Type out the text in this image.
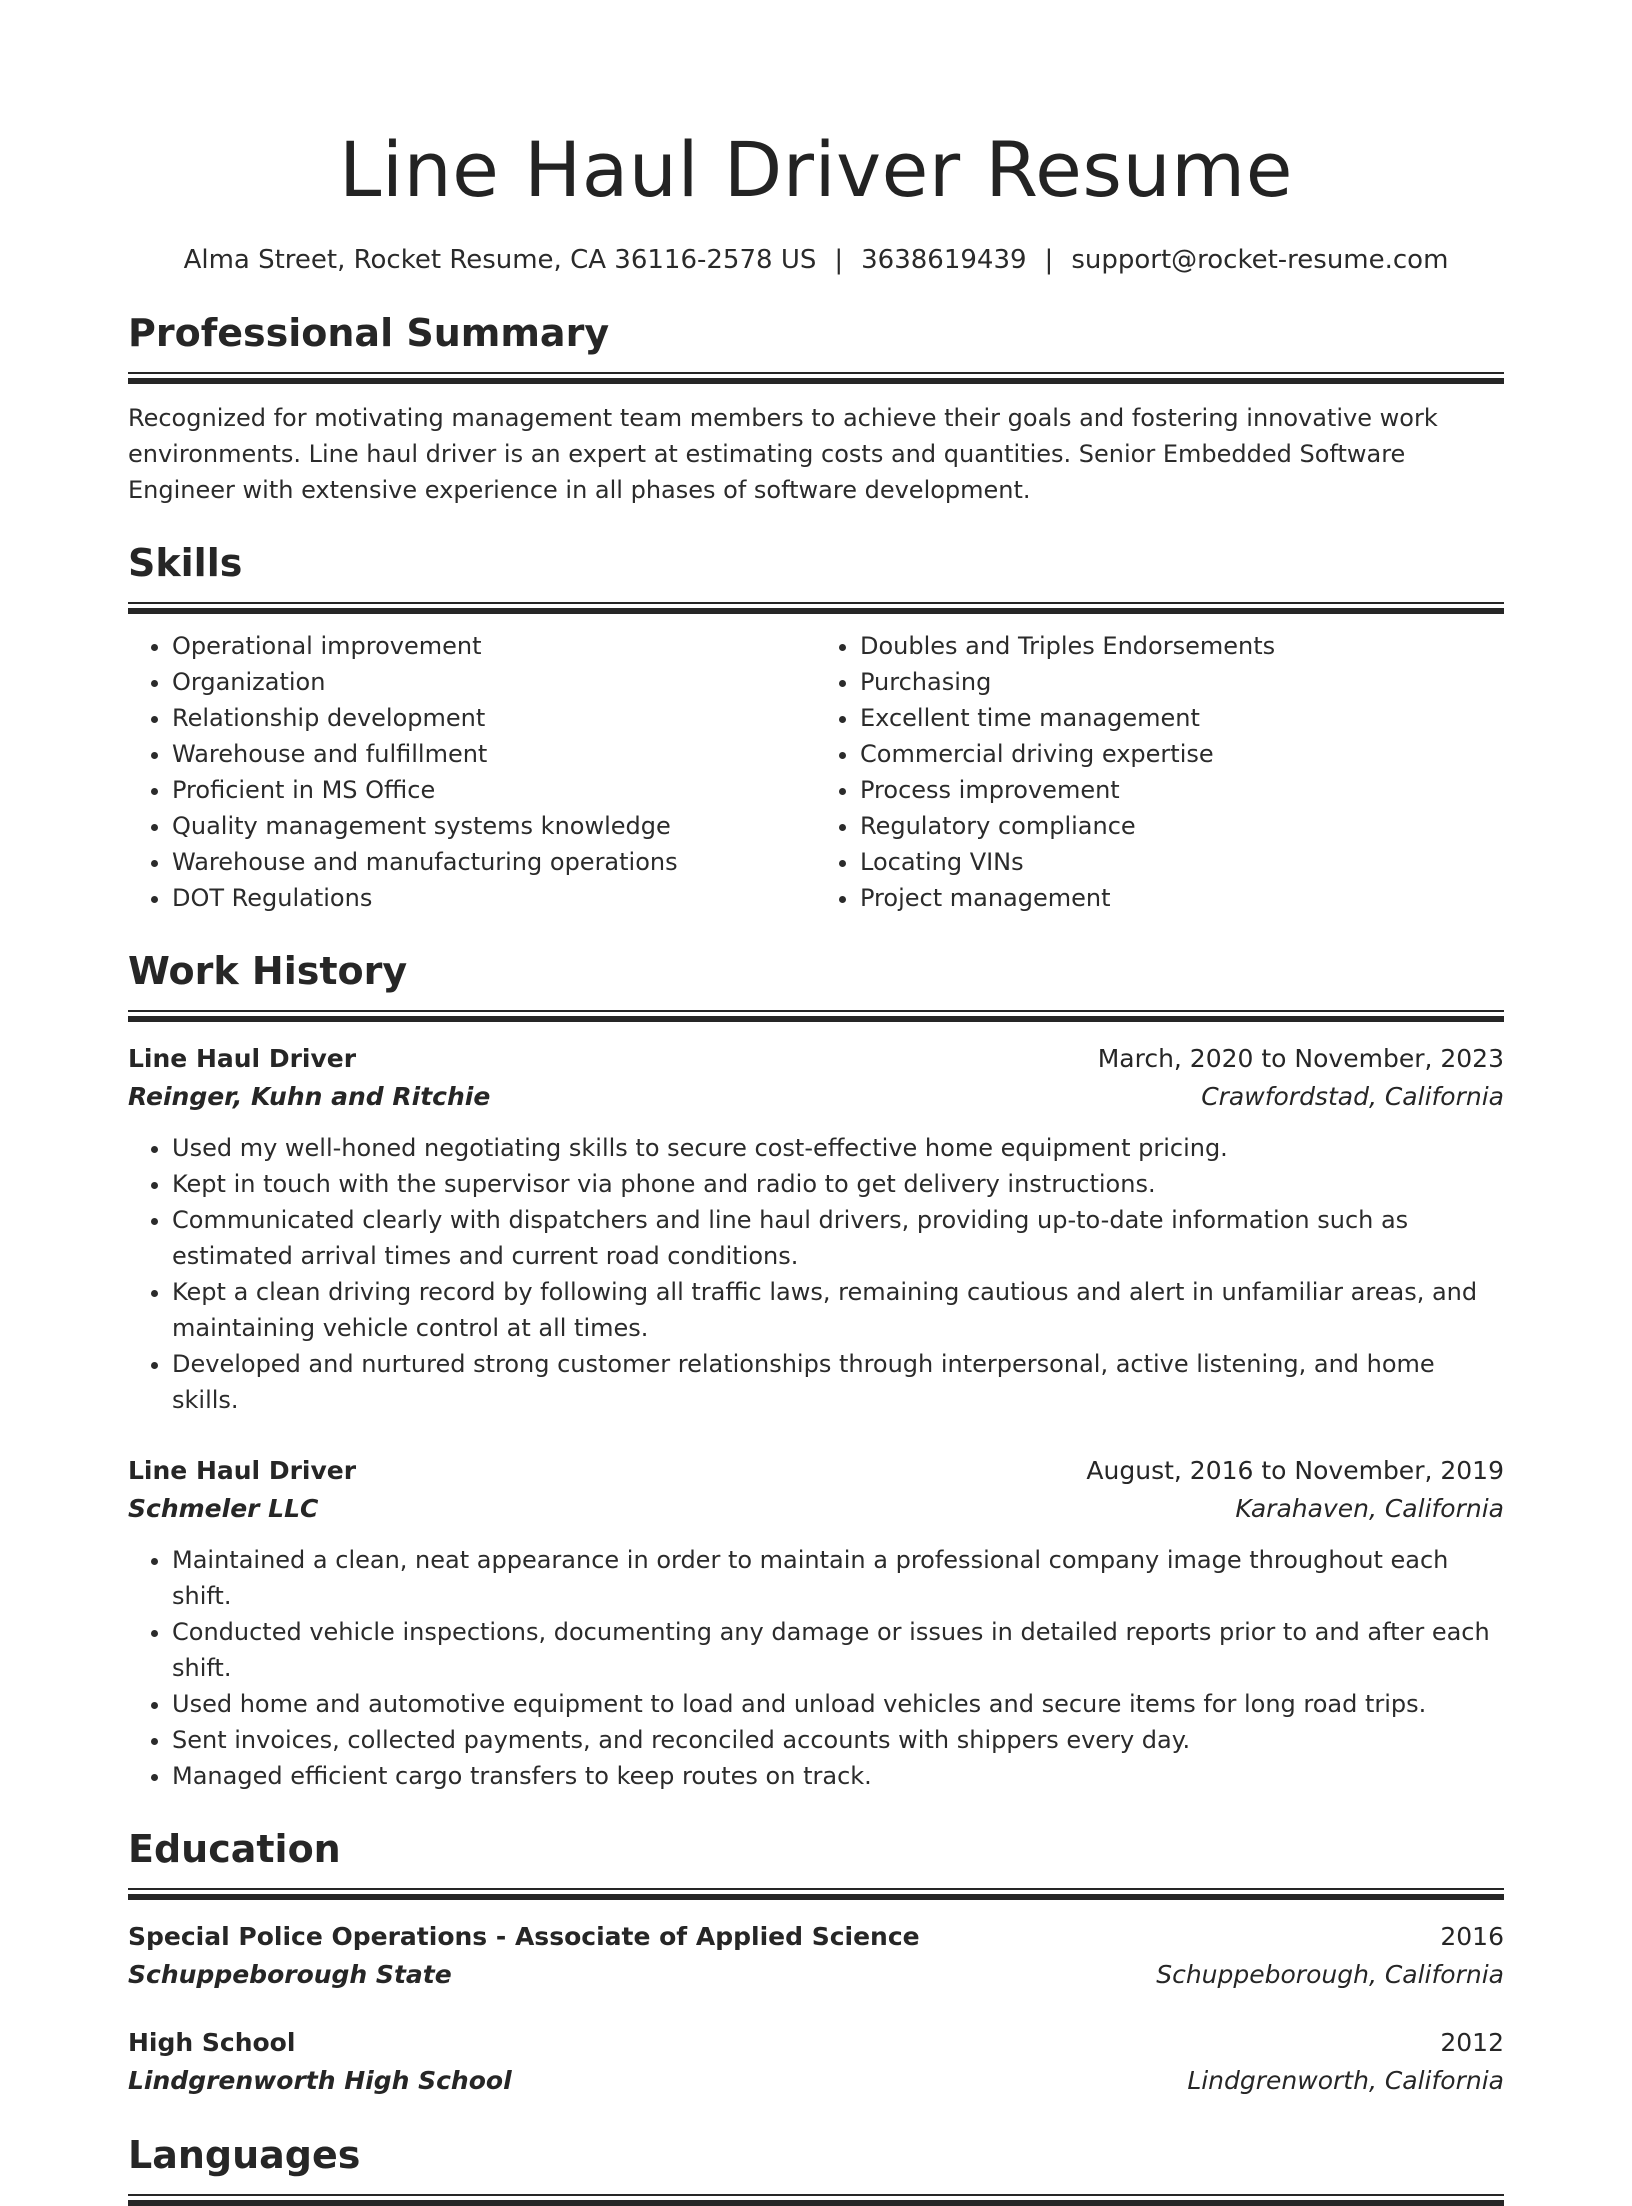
Line Haul Driver Resume
Alma Street, Rocket Resume, CA 36116-2578 US | 3638619439 | support@rocket-resume.com
Professional Summary

Recognized for motivating management team members to achieve their goals and fostering innovative work environments. Line haul driver is an expert at estimating costs and quantities. Senior Embedded Software Engineer with extensive experience in all phases of software development.

Skills
• Operational improvement
• Organization
• Relationship development
• Warehouse and fulfillment
• Proficient in MS Office
• Quality management systems knowledge
• Warehouse and manufacturing operations
• DOT Regulations
• Doubles and Triples Endorsements
• Purchasing
• Excellent time management
• Commercial driving expertise
• Process improvement
• Regulatory compliance
• Locating VINs
• Project management
Work History
Line Haul Driver	March, 2020 to November, 2023
Reinger, Kuhn and Ritchie	Crawfordstad, California
• Used my well-honed negotiating skills to secure cost-effective home equipment pricing.
• Kept in touch with the supervisor via phone and radio to get delivery instructions.
• Communicated clearly with dispatchers and line haul drivers, providing up-to-date information such as estimated arrival times and current road conditions.
• Kept a clean driving record by following all traffic laws, remaining cautious and alert in unfamiliar areas, and maintaining vehicle control at all times.
• Developed and nurtured strong customer relationships through interpersonal, active listening, and home skills.
Line Haul Driver	August, 2016 to November, 2019
Schmeler LLC	Karahaven, California
• Maintained a clean, neat appearance in order to maintain a professional company image throughout each shift.
• Conducted vehicle inspections, documenting any damage or issues in detailed reports prior to and after each shift.
• Used home and automotive equipment to load and unload vehicles and secure items for long road trips.
• Sent invoices, collected payments, and reconciled accounts with shippers every day.
• Managed efficient cargo transfers to keep routes on track.
Education
Special Police Operations - Associate of Applied Science	2016
Schuppeborough State	Schuppeborough, California
High School	2012
Lindgrenworth High School	Lindgrenworth, California
Languages
